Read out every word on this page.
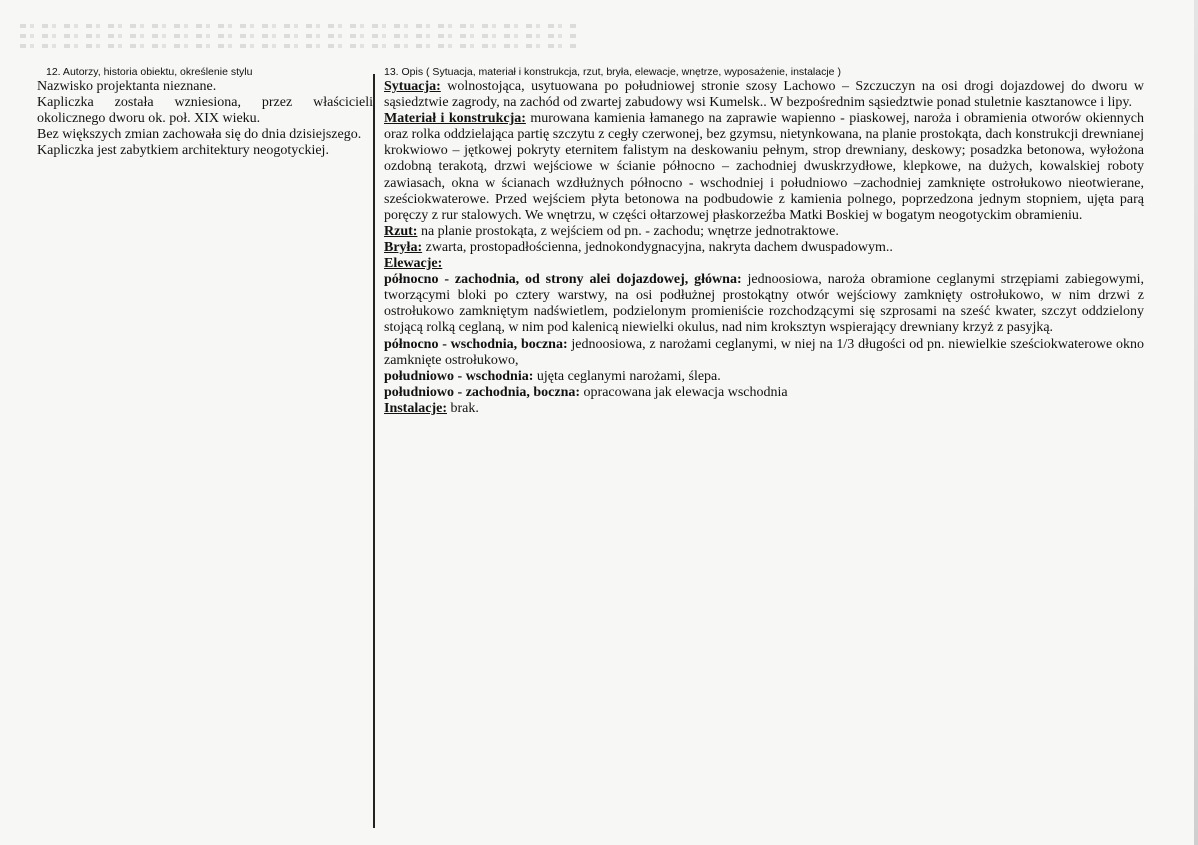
12. Autorzy, historia obiektu, określenie stylu

Nazwisko projektanta nieznane.

Kapliczka została wzniesiona, przez właścicieli okolicznego dworu ok. poł. XIX wieku.

Bez większych zmian zachowała się do dnia dzisiejszego.

Kapliczka jest zabytkiem architektury neogotyckiej.

13. Opis ( Sytuacja, materiał i konstrukcja, rzut, bryła, elewacje, wnętrze, wyposażenie, instalacje )

Sytuacja: wolnostojąca, usytuowana po południowej stronie szosy Lachowo – Szczuczyn na osi drogi dojazdowej do dworu w sąsiedztwie zagrody, na zachód od zwartej zabudowy wsi Kumelsk.. W bezpośrednim sąsiedztwie ponad stuletnie kasztanowce i lipy.

Materiał i konstrukcja: murowana kamienia łamanego na zaprawie wapienno - piaskowej, naroża i obramienia otworów okiennych oraz rolka oddzielająca partię szczytu z cegły czerwonej, bez gzymsu, nietynkowana, na planie prostokąta, dach konstrukcji drewnianej krokwiowo – jętkowej pokryty eternitem falistym na deskowaniu pełnym, strop drewniany, deskowy; posadzka betonowa, wyłożona ozdobną terakotą, drzwi wejściowe w ścianie północno – zachodniej dwuskrzydłowe, klepkowe, na dużych, kowalskiej roboty zawiasach, okna w ścianach wzdłużnych północno - wschodniej i południowo –zachodniej zamknięte ostrołukowo nieotwierane, sześciokwaterowe. Przed wejściem płyta betonowa na podbudowie z kamienia polnego, poprzedzona jednym stopniem, ujęta parą poręczy z rur stalowych. We wnętrzu, w części ołtarzowej płaskorzeźba Matki Boskiej w bogatym neogotyckim obramieniu.

Rzut: na planie prostokąta, z wejściem od pn. - zachodu; wnętrze jednotraktowe.

Bryła: zwarta, prostopadłościenna, jednokondygnacyjna, nakryta dachem dwuspadowym..

Elewacje:

północno - zachodnia, od strony alei dojazdowej, główna: jednoosiowa, naroża obramione ceglanymi strzępiami zabiegowymi, tworzącymi bloki po cztery warstwy, na osi podłużnej prostokątny otwór wejściowy zamknięty ostrołukowo, w nim drzwi z ostrołukowo zamkniętym nadświetlem, podzielonym promieniście rozchodzącymi się szprosami na sześć kwater, szczyt oddzielony stojącą rolką ceglaną, w nim pod kalenicą niewielki okulus, nad nim kroksztyn wspierający drewniany krzyż z pasyjką.

północno - wschodnia, boczna: jednoosiowa, z narożami ceglanymi, w niej na 1/3 długości od pn. niewielkie sześciokwaterowe okno zamknięte ostrołukowo,

południowo - wschodnia: ujęta ceglanymi narożami, ślepa.

południowo - zachodnia, boczna: opracowana jak elewacja wschodnia

Instalacje: brak.
